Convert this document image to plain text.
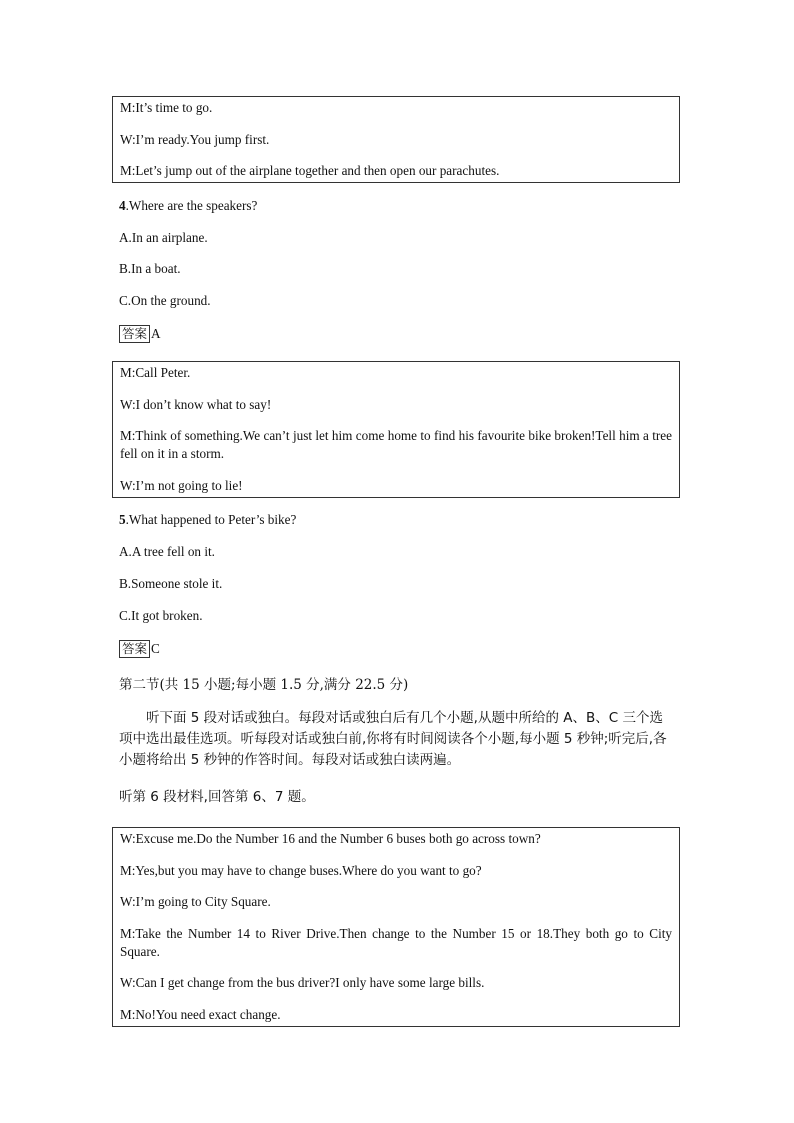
M:It’s time to go.

W:I’m ready.You jump first.

M:Let’s jump out of the airplane together and then open our parachutes.

4.Where are the speakers?
A.In an airplane.
B.In a boat.
C.On the ground.
答案 A

M:Call Peter.

W:I don’t know what to say!

M:Think of something.We can’t just let him come home to find his favourite bike broken!Tell him a tree fell on it in a storm.

W:I’m not going to lie!

5.What happened to Peter’s bike?
A.A tree fell on it.
B.Someone stole it.
C.It got broken.
答案 C
第二节(共 15 小题;每小题 1.5 分,满分 22.5 分)
听下面 5 段对话或独白。每段对话或独白后有几个小题,从题中所给的 A、B、C 三个选项中选出最佳选项。听每段对话或独白前,你将有时间阅读各个小题,每小题 5 秒钟;听完后,各小题将给出 5 秒钟的作答时间。每段对话或独白读两遍。
听第 6 段材料,回答第 6、7 题。

W:Excuse me.Do the Number 16 and the Number 6 buses both go across town?

M:Yes,but you may have to change buses.Where do you want to go?

W:I’m going to City Square.

M:Take the Number 14 to River Drive.Then change to the Number 15 or 18.They both go to City Square.

W:Can I get change from the bus driver?I only have some large bills.

M:No!You need exact change.
